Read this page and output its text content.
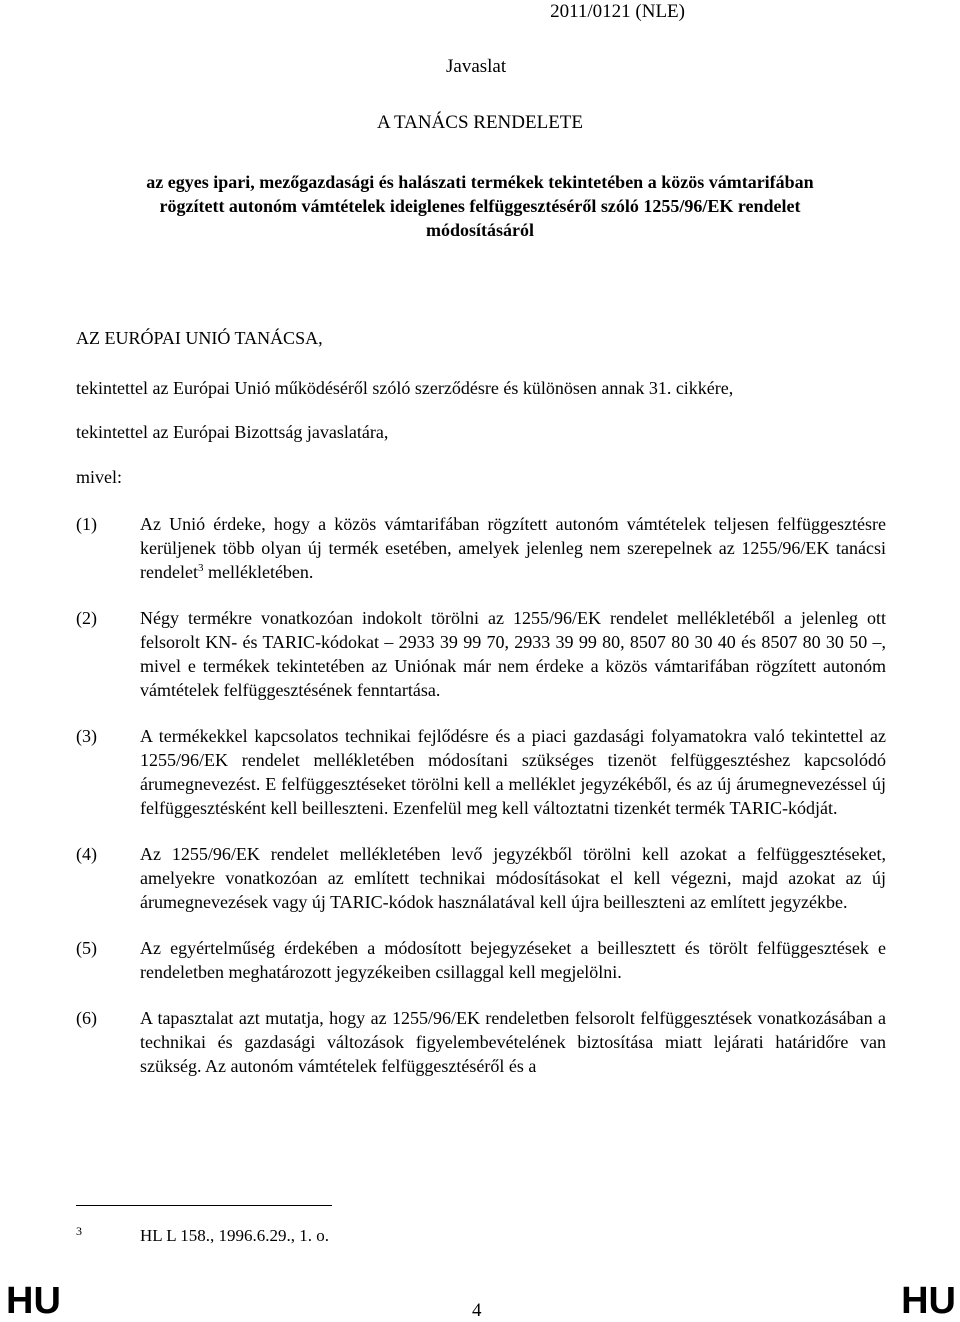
2011/0121 (NLE)
Javaslat
A TANÁCS RENDELETE
az egyes ipari, mezőgazdasági és halászati termékek tekintetében a közös vámtarifában
rögzített autonóm vámtételek ideiglenes felfüggesztéséről szóló 1255/96/EK rendelet
módosításáról
AZ EURÓPAI UNIÓ TANÁCSA,
tekintettel az Európai Unió működéséről szóló szerződésre és különösen annak 31. cikkére,
tekintettel az Európai Bizottság javaslatára,
mivel:
(1) Az Unió érdeke, hogy a közös vámtarifában rögzített autonóm vámtételek teljesen felfüggesztésre kerüljenek több olyan új termék esetében, amelyek jelenleg nem szerepelnek az 1255/96/EK tanácsi rendelet$^3$ mellékletében.
(2) Négy termékre vonatkozóan indokolt törölni az 1255/96/EK rendelet mellékletéből a jelenleg ott felsorolt KN- és TARIC-kódokat – 2933 39 99 70, 2933 39 99 80, 8507 80 30 40 és 8507 80 30 50 –, mivel e termékek tekintetében az Uniónak már nem érdeke a közös vámtarifában rögzített autonóm vámtételek felfüggesztésének fenntartása.
(3) A termékekkel kapcsolatos technikai fejlődésre és a piaci gazdasági folyamatokra való tekintettel az 1255/96/EK rendelet mellékletében módosítani szükséges tizenöt felfüggesztéshez kapcsolódó árumegnevezést. E felfüggesztéseket törölni kell a melléklet jegyzékéből, és az új árumegnevezéssel új felfüggesztésként kell beilleszteni. Ezenfelül meg kell változtatni tizenkét termék TARIC-kódját.
(4) Az 1255/96/EK rendelet mellékletében levő jegyzékből törölni kell azokat a felfüggesztéseket, amelyekre vonatkozóan az említett technikai módosításokat el kell végezni, majd azokat az új árumegnevezések vagy új TARIC-kódok használatával kell újra beilleszteni az említett jegyzékbe.
(5) Az egyértelműség érdekében a módosított bejegyzéseket a beillesztett és törölt felfüggesztések e rendeletben meghatározott jegyzékeiben csillaggal kell megjelölni.
(6) A tapasztalat azt mutatja, hogy az 1255/96/EK rendeletben felsorolt felfüggesztések vonatkozásában a technikai és gazdasági változások figyelembevételének biztosítása miatt lejárati határidőre van szükség. Az autonóm vámtételek felfüggesztéséről és a
3	HL L 158., 1996.6.29., 1. o.
HU	4	HU
